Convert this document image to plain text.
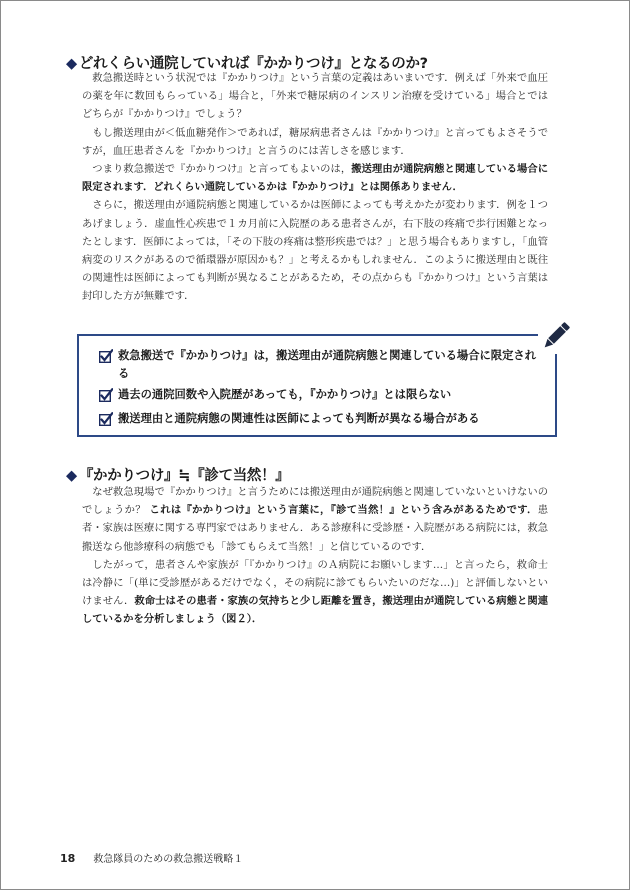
◆ どれくらい通院していれば『かかりつけ』となるのか?

救急搬送時という状況では『かかりつけ』という言葉の定義はあいまいです．例えば「外来で血圧の薬を年に数回もらっている」場合と，「外来で糖尿病のインスリン治療を受けている」場合とではどちらが『かかりつけ』でしょう？

もし搬送理由が＜低血糖発作＞であれば，糖尿病患者さんは『かかりつけ』と言ってもよさそうですが，血圧患者さんを『かかりつけ』と言うのには苦しさを感じます．

つまり救急搬送で『かかりつけ』と言ってもよいのは，搬送理由が通院病態と関連している場合に限定されます．どれくらい通院しているかは『かかりつけ』とは関係ありません．

さらに，搬送理由が通院病態と関連しているかは医師によっても考えかたが変わります．例を１つあげましょう．虚血性心疾患で１カ月前に入院歴のある患者さんが，右下肢の疼痛で歩行困難となったとします．医師によっては，「その下肢の疼痛は整形疾患では？」と思う場合もありますし，「血管病変のリスクがあるので循環器が原因かも？」と考えるかもしれません．このように搬送理由と既往の関連性は医師によっても判断が異なることがあるため，その点からも『かかりつけ』という言葉は封印した方が無難です．

救急搬送で『かかりつけ』は，搬送理由が通院病態と関連している場合に限定される
過去の通院回数や入院歴があっても，『かかりつけ』とは限らない
搬送理由と通院病態の関連性は医師によっても判断が異なる場合がある
◆ 『かかりつけ』≒『診て当然！』

なぜ救急現場で『かかりつけ』と言うためには搬送理由が通院病態と関連していないといけないのでしょうか？ これは『かかりつけ』という言葉に，『診て当然！』という含みがあるためです．患者・家族は医療に関する専門家ではありません．ある診療科に受診歴・入院歴がある病院には，救急搬送なら他診療科の病態でも「診てもらえて当然！」と信じているのです．

したがって，患者さんや家族が「『かかりつけ』のＡ病院にお願いします…」と言ったら，救命士は冷静に「(単に受診歴があるだけでなく，その病院に診てもらいたいのだな…)」と評価しないといけません．救命士はその患者・家族の気持ちと少し距離を置き，搬送理由が通院している病態と関連しているかを分析しましょう（図２）．

18 救急隊員のための救急搬送戦略１
